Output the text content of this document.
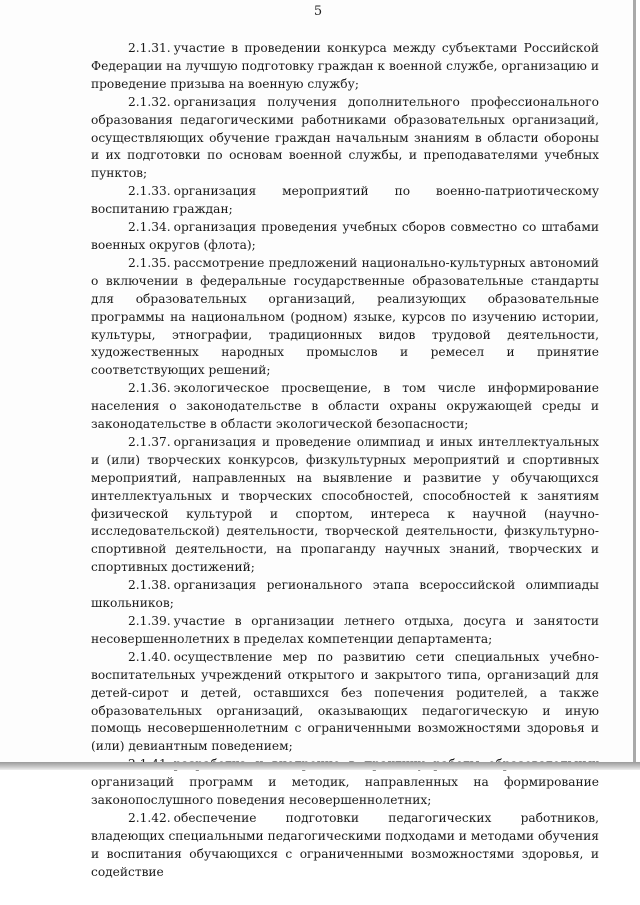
5

2.1.31. участие в проведении конкурса между субъектами Российской Федерации на лучшую подготовку граждан к военной службе, организацию и проведение призыва на военную службу;

2.1.32. организация получения дополнительного профессионального образования педагогическими работниками образовательных организаций, осуществляющих обучение граждан начальным знаниям в области обороны и их подготовки по основам военной службы, и преподавателями учебных пунктов;

2.1.33. организация мероприятий по военно-патриотическому воспитанию граждан;

2.1.34. организация проведения учебных сборов совместно со штабами военных округов (флота);

2.1.35. рассмотрение предложений национально-культурных автономий о включении в федеральные государственные образовательные стандарты для образовательных организаций, реализующих образовательные программы на национальном (родном) языке, курсов по изучению истории, культуры, этнографии, традиционных видов трудовой деятельности, художественных народных промыслов и ремесел и принятие соответствующих решений;

2.1.36. экологическое просвещение, в том числе информирование населения о законодательстве в области охраны окружающей среды и законодательстве в области экологической безопасности;

2.1.37. организация и проведение олимпиад и иных интеллектуальных и (или) творческих конкурсов, физкультурных мероприятий и спортивных мероприятий, направленных на выявление и развитие у обучающихся интеллектуальных и творческих способностей, способностей к занятиям физической культурой и спортом, интереса к научной (научно-исследовательской) деятельности, творческой деятельности, физкультурно-спортивной деятельности, на пропаганду научных знаний, творческих и спортивных достижений;

2.1.38. организация регионального этапа всероссийской олимпиады школьников;

2.1.39. участие в организации летнего отдыха, досуга и занятости несовершеннолетних в пределах компетенции департамента;

2.1.40. осуществление мер по развитию сети специальных учебно-воспитательных учреждений открытого и закрытого типа, организаций для детей-сирот и детей, оставшихся без попечения родителей, а также образовательных организаций, оказывающих педагогическую и иную помощь несовершеннолетним с ограниченными возможностями здоровья и (или) девиантным поведением;

организаций программ и методик, направленных на формирование законопослушного поведения несовершеннолетних;

2.1.42. обеспечение подготовки педагогических работников, владеющих специальными педагогическими подходами и методами обучения и воспитания обучающихся с ограниченными возможностями здоровья, и содействие
